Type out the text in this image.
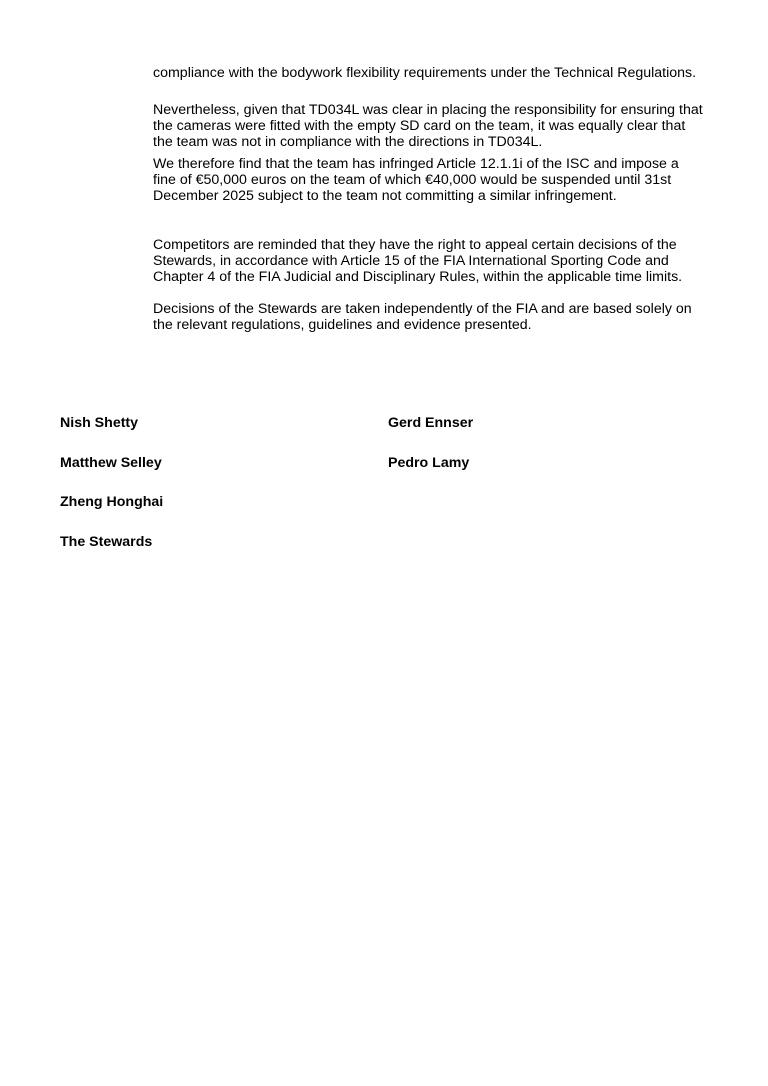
compliance with the bodywork flexibility requirements under the Technical Regulations.

Nevertheless, given that TD034L was clear in placing the responsibility for ensuring that the cameras were fitted with the empty SD card on the team, it was equally clear that the team was not in compliance with the directions in TD034L.

We therefore find that the team has infringed Article 12.1.1i of the ISC and impose a fine of €50,000 euros on the team of which €40,000 would be suspended until 31st December 2025 subject to the team not committing a similar infringement.

Competitors are reminded that they have the right to appeal certain decisions of the Stewards, in accordance with Article 15 of the FIA International Sporting Code and Chapter 4 of the FIA Judicial and Disciplinary Rules, within the applicable time limits.

Decisions of the Stewards are taken independently of the FIA and are based solely on the relevant regulations, guidelines and evidence presented.

Nish Shetty	Gerd Ennser
Matthew Selley	Pedro Lamy
Zheng Honghai
The Stewards
